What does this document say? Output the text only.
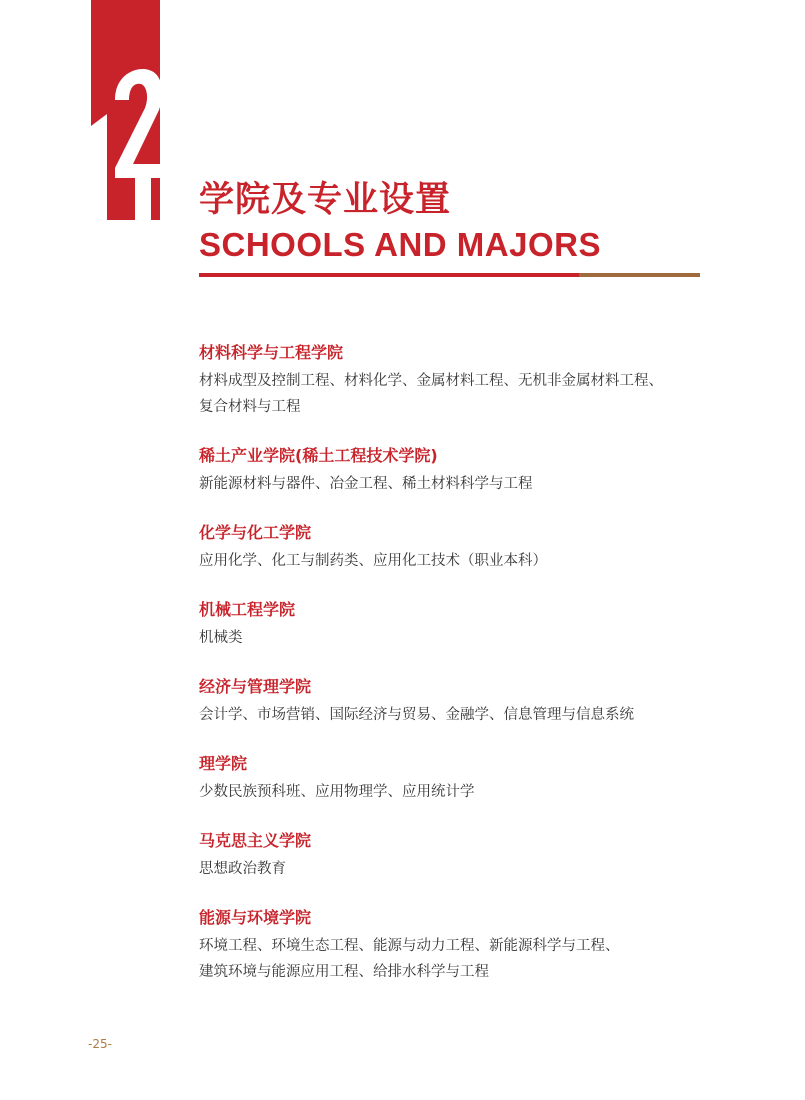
学院及专业设置
SCHOOLS AND MAJORS
材料科学与工程学院
材料成型及控制工程、材料化学、金属材料工程、无机非金属材料工程、
复合材料与工程
稀土产业学院(稀土工程技术学院)
新能源材料与器件、冶金工程、稀土材料科学与工程
化学与化工学院
应用化学、化工与制药类、应用化工技术（职业本科）
机械工程学院
机械类
经济与管理学院
会计学、市场营销、国际经济与贸易、金融学、信息管理与信息系统
理学院
少数民族预科班、应用物理学、应用统计学
马克思主义学院
思想政治教育
能源与环境学院
环境工程、环境生态工程、能源与动力工程、新能源科学与工程、
建筑环境与能源应用工程、给排水科学与工程
-25-
